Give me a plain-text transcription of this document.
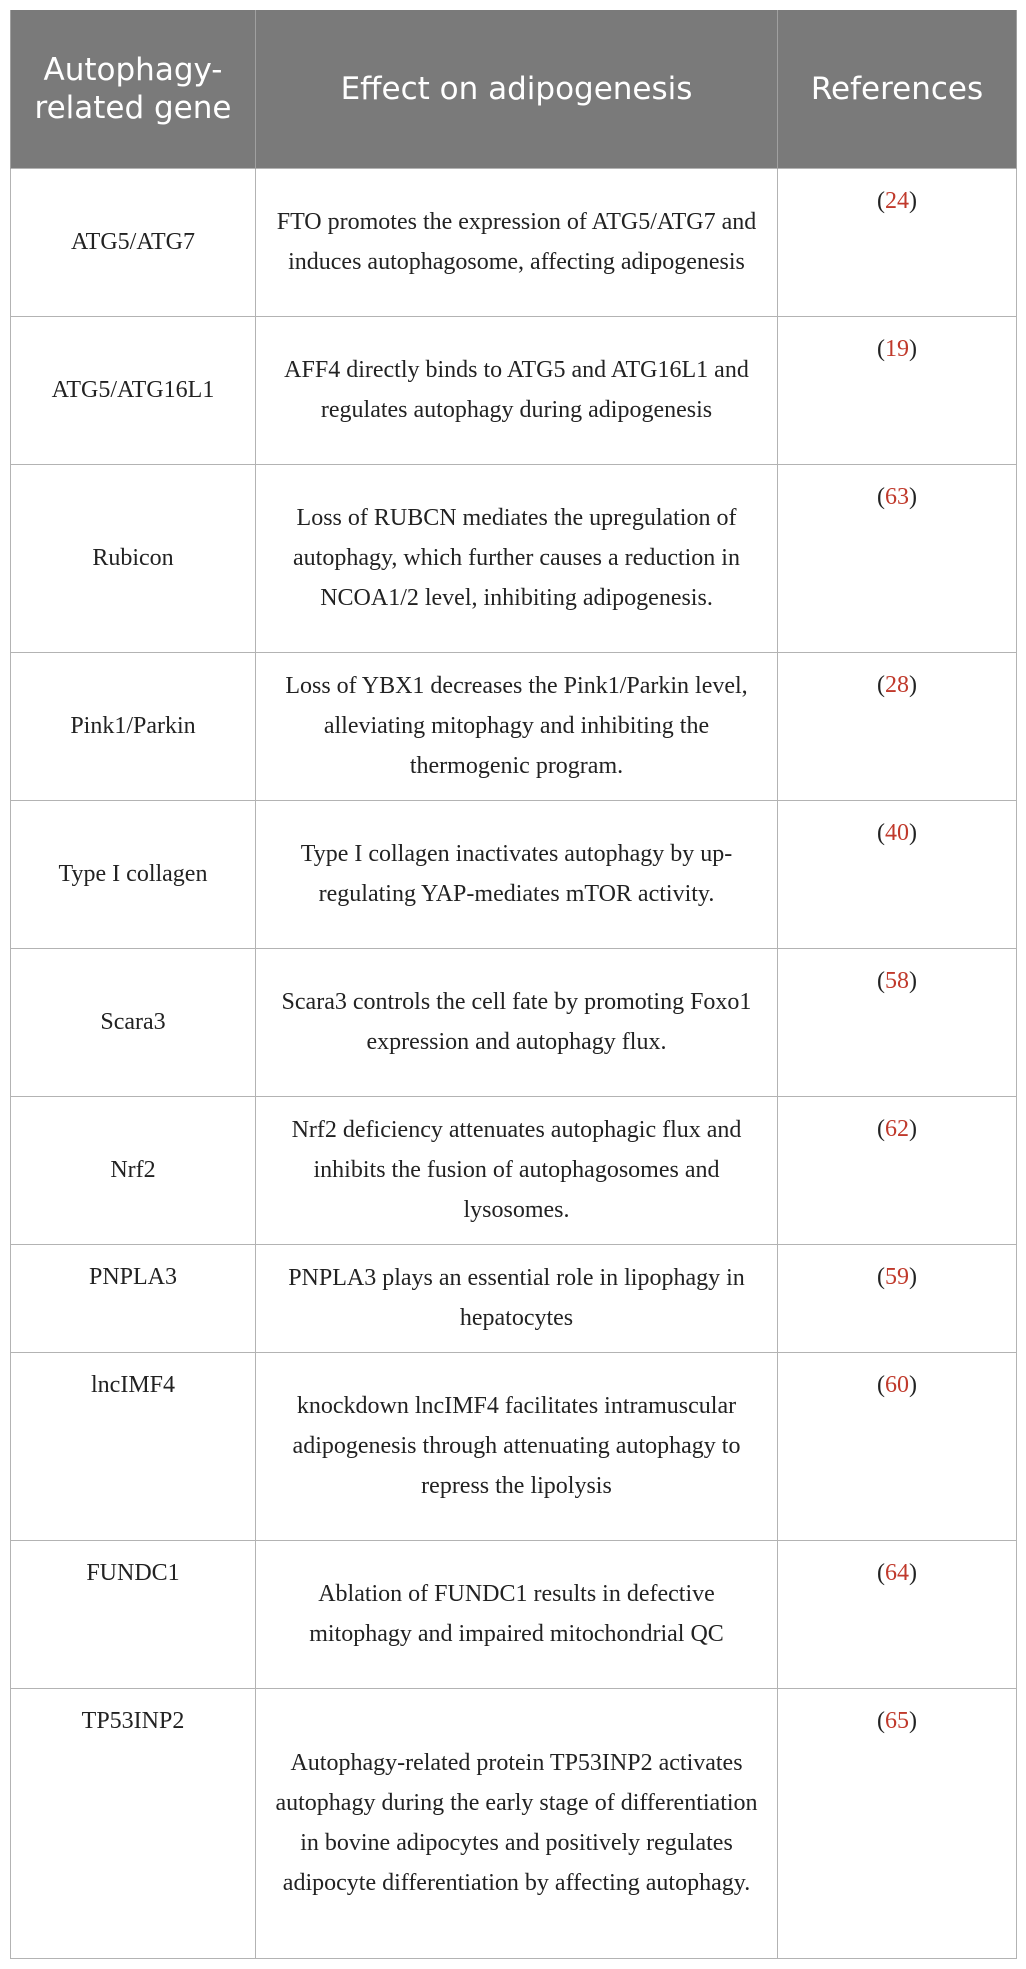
Autophagy-related gene	Effect on adipogenesis	References
ATG5/ATG7	FTO promotes the expression of ATG5/ATG7 and induces autophagosome, affecting adipogenesis	(24)
ATG5/ATG16L1	AFF4 directly binds to ATG5 and ATG16L1 and regulates autophagy during adipogenesis	(19)
Rubicon	Loss of RUBCN mediates the upregulation of autophagy, which further causes a reduction in NCOA1/2 level, inhibiting adipogenesis.	(63)
Pink1/Parkin	Loss of YBX1 decreases the Pink1/Parkin level, alleviating mitophagy and inhibiting the thermogenic program.	(28)
Type I collagen	Type I collagen inactivates autophagy by up-regulating YAP-mediates mTOR activity.	(40)
Scara3	Scara3 controls the cell fate by promoting Foxo1 expression and autophagy flux.	(58)
Nrf2	Nrf2 deficiency attenuates autophagic flux and inhibits the fusion of autophagosomes and lysosomes.	(62)
PNPLA3	PNPLA3 plays an essential role in lipophagy in hepatocytes	(59)
lncIMF4	knockdown lncIMF4 facilitates intramuscular adipogenesis through attenuating autophagy to repress the lipolysis	(60)
FUNDC1	Ablation of FUNDC1 results in defective mitophagy and impaired mitochondrial QC	(64)
TP53INP2	Autophagy-related protein TP53INP2 activates autophagy during the early stage of differentiation in bovine adipocytes and positively regulates adipocyte differentiation by affecting autophagy.	(65)
